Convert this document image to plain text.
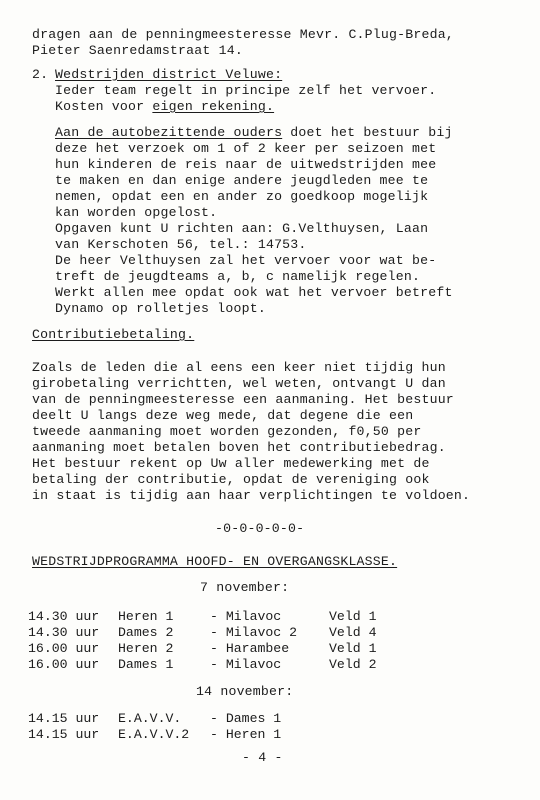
dragen aan de penningmeesteresse Mevr. C.Plug-Breda,
Pieter Saenredamstraat 14.
2. Wedstrijden district Veluwe:
Ieder team regelt in principe zelf het vervoer.
Kosten voor eigen rekening.
Aan de autobezittende ouders doet het bestuur bij
deze het verzoek om 1 of 2 keer per seizoen met
hun kinderen de reis naar de uitwedstrijden mee
te maken en dan enige andere jeugdleden mee te
nemen, opdat een en ander zo goedkoop mogelijk
kan worden opgelost.
Opgaven kunt U richten aan: G.Velthuysen, Laan
van Kerschoten 56, tel.: 14753.
De heer Velthuysen zal het vervoer voor wat be-
treft de jeugdteams a, b, c namelijk regelen.
Werkt allen mee opdat ook wat het vervoer betreft
Dynamo op rolletjes loopt.
Contributiebetaling.
Zoals de leden die al eens een keer niet tijdig hun
girobetaling verrichtten, wel weten, ontvangt U dan
van de penningmeesteresse een aanmaning. Het bestuur
deelt U langs deze weg mede, dat degene die een
tweede aanmaning moet worden gezonden, f0,50 per
aanmaning moet betalen boven het contributiebedrag.
Het bestuur rekent op Uw aller medewerking met de
betaling der contributie, opdat de vereniging ook
in staat is tijdig aan haar verplichtingen te voldoen.
-0-0-0-0-0-
WEDSTRIJDPROGRAMMA HOOFD- EN OVERGANGSKLASSE.
7 november:
14.30 uur Heren 1	- Milavoc	Veld 1
14.30 uur Dames 2	- Milavoc 2 Veld 4
16.00 uur Heren 2	- Harambee	Veld 1
16.00 uur Dames 1	- Milavoc	Veld 2
14 november:
14.15 uur E.A.V.V. - Dames 1
14.15 uur E.A.V.V.2 - Heren 1
- 4 -
